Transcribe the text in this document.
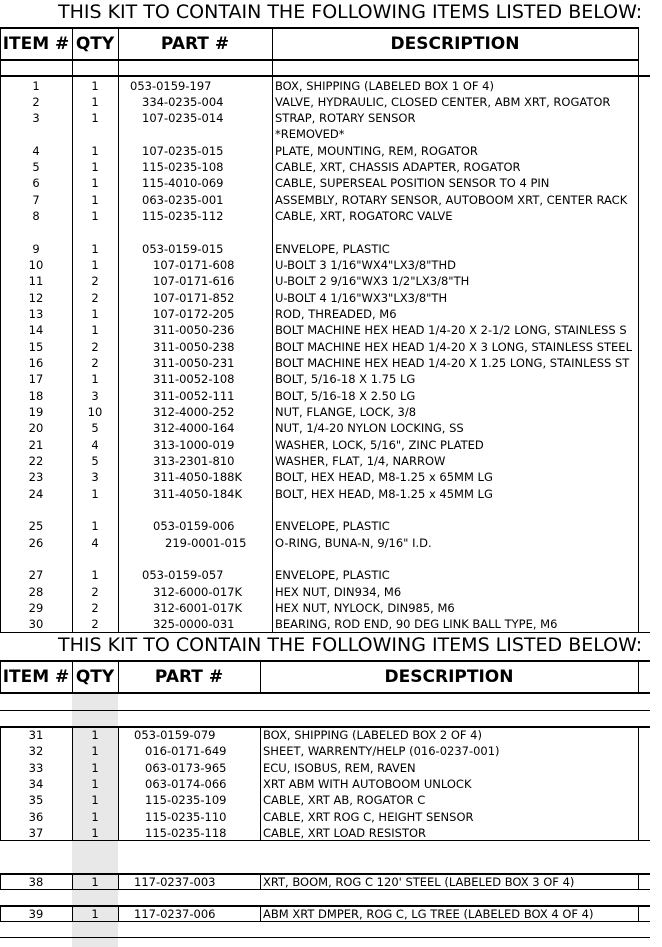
THIS KIT TO CONTAIN THE FOLLOWING ITEMS LISTED BELOW:
ITEM # QTY	PART #	DESCRIPTION
THIS KIT TO CONTAIN THE FOLLOWING ITEMS LISTED BELOW:
ITEM # QTY	PART #	DESCRIPTION
1	1	053-0159-197	BOX, SHIPPING (LABELED BOX 1 OF 4)
2	1	334-0235-004	VALVE, HYDRAULIC, CLOSED CENTER, ABM XRT, ROGATOR
3	1	107-0235-014	STRAP, ROTARY SENSOR
*REMOVED*
4	1	107-0235-015	PLATE, MOUNTING, REM, ROGATOR
5	1	115-0235-108	CABLE, XRT, CHASSIS ADAPTER, ROGATOR
6	1	115-4010-069	CABLE, SUPERSEAL POSITION SENSOR TO 4 PIN
7	1	063-0235-001	ASSEMBLY, ROTARY SENSOR, AUTOBOOM XRT, CENTER RACK
8	1	115-0235-112	CABLE, XRT, ROGATORC VALVE
9	1	053-0159-015	ENVELOPE, PLASTIC
10	1	107-0171-608	U-BOLT 3 1/16"WX4"LX3/8"THD
11	2	107-0171-616	U-BOLT 2 9/16"WX3 1/2"LX3/8"TH
12	2	107-0171-852	U-BOLT 4 1/16"WX3"LX3/8"TH
13	1	107-0172-205	ROD, THREADED, M6
14	1	311-0050-236	BOLT MACHINE HEX HEAD 1/4-20 X 2-1/2 LONG, STAINLESS S
15	2	311-0050-238	BOLT MACHINE HEX HEAD 1/4-20 X 3 LONG, STAINLESS STEEL
16	2	311-0050-231	BOLT MACHINE HEX HEAD 1/4-20 X 1.25 LONG, STAINLESS ST
17	1	311-0052-108	BOLT, 5/16-18 X 1.75 LG
18	3	311-0052-111	BOLT, 5/16-18 X 2.50 LG
19	10	312-4000-252	NUT, FLANGE, LOCK, 3/8
20	5	312-4000-164	NUT, 1/4-20 NYLON LOCKING, SS
21	4	313-1000-019	WASHER, LOCK, 5/16", ZINC PLATED
22	5	313-2301-810	WASHER, FLAT, 1/4, NARROW
23	3	311-4050-188K	BOLT, HEX HEAD, M8-1.25 x 65MM LG
24	1	311-4050-184K	BOLT, HEX HEAD, M8-1.25 x 45MM LG
25	1	053-0159-006	ENVELOPE, PLASTIC
26	4	219-0001-015 O-RING, BUNA-N, 9/16" I.D.
27	1	053-0159-057	ENVELOPE, PLASTIC
28	2	312-6000-017K	HEX NUT, DIN934, M6
29	2	312-6001-017K	HEX NUT, NYLOCK, DIN985, M6
30	2	325-0000-031	BEARING, ROD END, 90 DEG LINK BALL TYPE, M6
31	1	053-0159-079	BOX, SHIPPING (LABELED BOX 2 OF 4)
32	1	016-0171-649	SHEET, WARRENTY/HELP (016-0237-001)
33	1	063-0173-965	ECU, ISOBUS, REM, RAVEN
34	1	063-0174-066	XRT ABM WITH AUTOBOOM UNLOCK
35	1	115-0235-109	CABLE, XRT AB, ROGATOR C
36	1	115-0235-110	CABLE, XRT ROG C, HEIGHT SENSOR
37	1	115-0235-118	CABLE, XRT LOAD RESISTOR
38	1	117-0237-003	XRT, BOOM, ROG C 120' STEEL (LABELED BOX 3 OF 4)
39	1	117-0237-006	ABM XRT DMPER, ROG C, LG TREE (LABELED BOX 4 OF 4)
